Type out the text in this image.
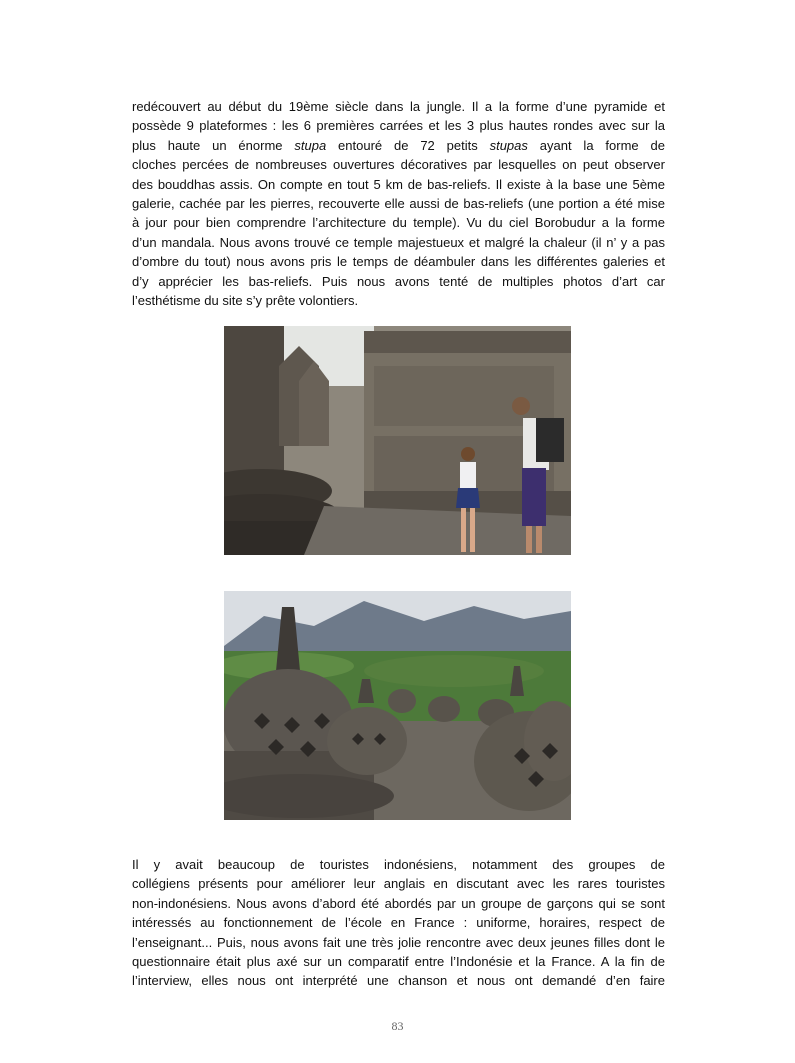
redécouvert au début du 19ème siècle dans la jungle. Il a la forme d’une pyramide et
possède 9 plateformes : les 6 premières carrées et les 3 plus hautes rondes avec sur la
plus haute un énorme stupa entouré de 72 petits stupas ayant la forme de
cloches percées de nombreuses ouvertures décoratives par lesquelles on peut observer
des bouddhas assis. On compte en tout 5 km de bas-reliefs. Il existe à la base une 5ème
galerie, cachée par les pierres, recouverte elle aussi de bas-reliefs (une portion a été mise
à jour pour bien comprendre l’architecture du temple). Vu du ciel Borobudur a la forme
d’un mandala. Nous avons trouvé ce temple majestueux et malgré la chaleur (il n’ y a pas
d’ombre du tout) nous avons pris le temps de déambuler dans les différentes galeries et
d’y apprécier les bas-reliefs. Puis nous avons tenté de multiples photos d’art car
l’esthétisme du site s’y prête volontiers.
Il y avait beaucoup de touristes indonésiens, notamment des groupes de
collégiens présents pour améliorer leur anglais en discutant avec les rares touristes
non-indonésiens. Nous avons d’abord été abordés par un groupe de garçons qui se sont
intéressés au fonctionnement de l’école en France : uniforme, horaires, respect de
l’enseignant... Puis, nous avons fait une très jolie rencontre avec deux jeunes filles dont le
questionnaire était plus axé sur un comparatif entre l’Indonésie et la France. A la fin de
l’interview, elles nous ont interprété une chanson et nous ont demandé d’en faire
83
